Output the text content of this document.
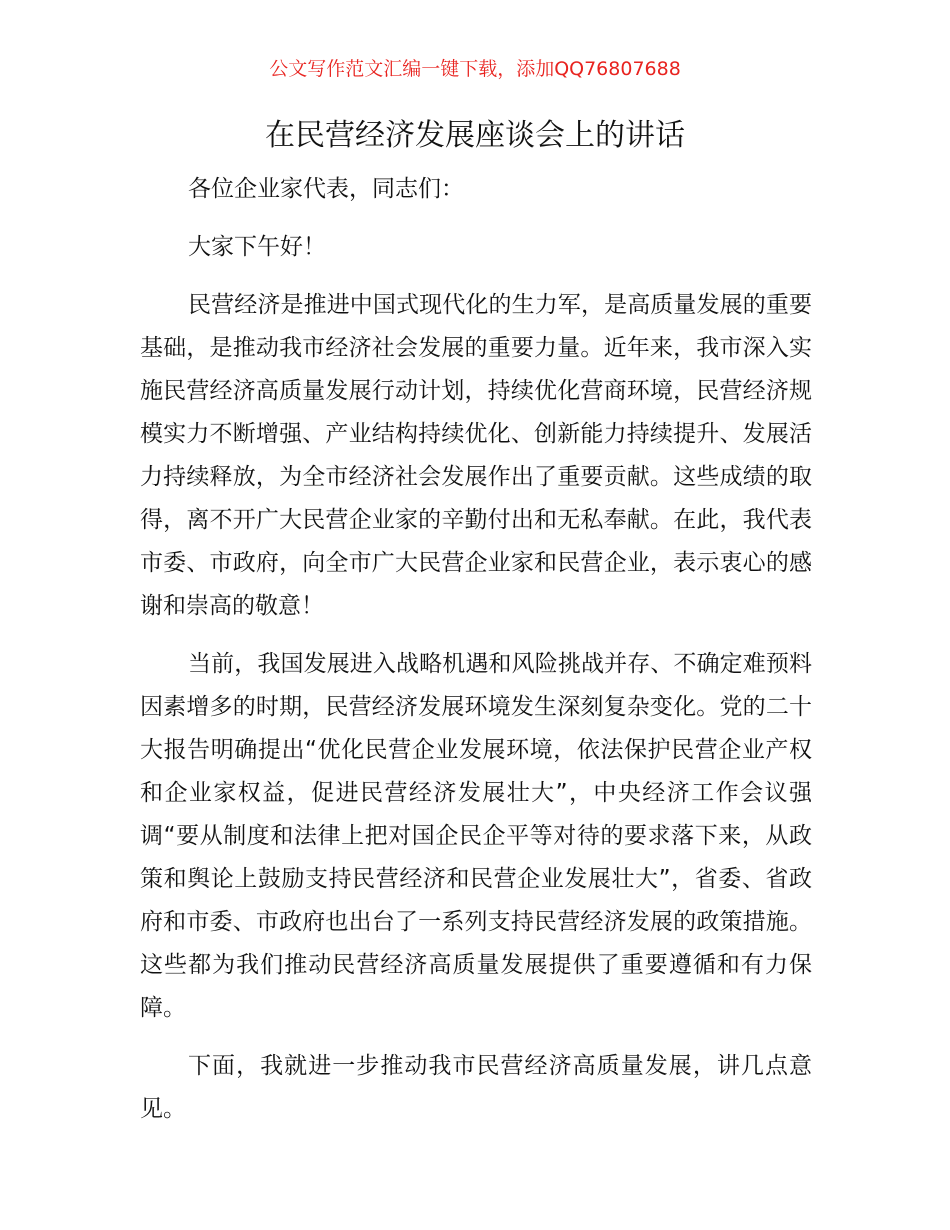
公文写作范文汇编一键下载，添加QQ76807688
在民营经济发展座谈会上的讲话

各位企业家代表，同志们：

大家下午好！

民营经济是推进中国式现代化的生力军，是高质量发展的重要基础，是推动我市经济社会发展的重要力量。近年来，我市深入实施民营经济高质量发展行动计划，持续优化营商环境，民营经济规模实力不断增强、产业结构持续优化、创新能力持续提升、发展活力持续释放，为全市经济社会发展作出了重要贡献。这些成绩的取得，离不开广大民营企业家的辛勤付出和无私奉献。在此，我代表市委、市政府，向全市广大民营企业家和民营企业，表示衷心的感谢和崇高的敬意！

当前，我国发展进入战略机遇和风险挑战并存、不确定难预料因素增多的时期，民营经济发展环境发生深刻复杂变化。党的二十大报告明确提出“优化民营企业发展环境，依法保护民营企业产权和企业家权益，促进民营经济发展壮大”，中央经济工作会议强调“要从制度和法律上把对国企民企平等对待的要求落下来，从政策和舆论上鼓励支持民营经济和民营企业发展壮大”，省委、省政府和市委、市政府也出台了一系列支持民营经济发展的政策措施。这些都为我们推动民营经济高质量发展提供了重要遵循和有力保障。

下面，我就进一步推动我市民营经济高质量发展，讲几点意见。
